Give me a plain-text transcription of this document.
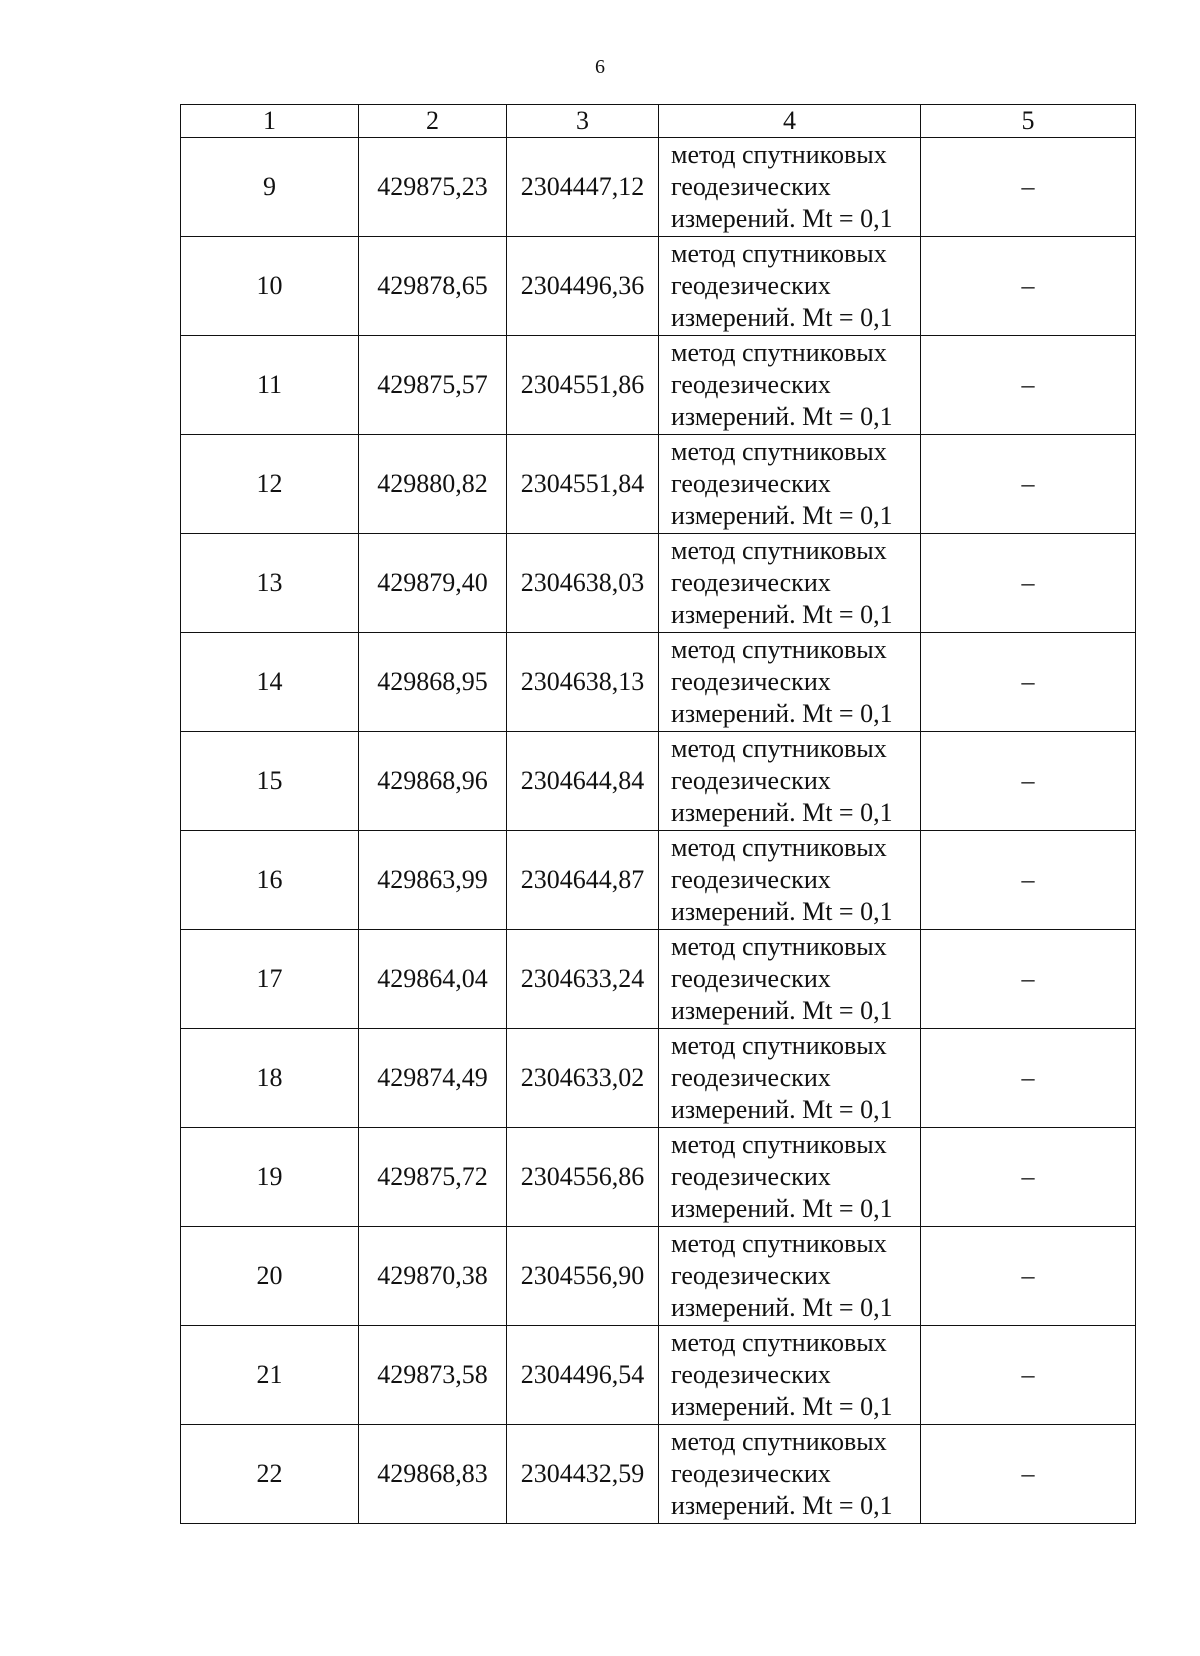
6
1	2	3	4	5
9	429875,23	2304447,12	метод спутниковых
геодезических
измерений. Mt = 0,1	–
10	429878,65	2304496,36	метод спутниковых
геодезических
измерений. Mt = 0,1	–
11	429875,57	2304551,86	метод спутниковых
геодезических
измерений. Mt = 0,1	–
12	429880,82	2304551,84	метод спутниковых
геодезических
измерений. Mt = 0,1	–
13	429879,40	2304638,03	метод спутниковых
геодезических
измерений. Mt = 0,1	–
14	429868,95	2304638,13	метод спутниковых
геодезических
измерений. Mt = 0,1	–
15	429868,96	2304644,84	метод спутниковых
геодезических
измерений. Mt = 0,1	–
16	429863,99	2304644,87	метод спутниковых
геодезических
измерений. Mt = 0,1	–
17	429864,04	2304633,24	метод спутниковых
геодезических
измерений. Mt = 0,1	–
18	429874,49	2304633,02	метод спутниковых
геодезических
измерений. Mt = 0,1	–
19	429875,72	2304556,86	метод спутниковых
геодезических
измерений. Mt = 0,1	–
20	429870,38	2304556,90	метод спутниковых
геодезических
измерений. Mt = 0,1	–
21	429873,58	2304496,54	метод спутниковых
геодезических
измерений. Mt = 0,1	–
22	429868,83	2304432,59	метод спутниковых
геодезических
измерений. Mt = 0,1	–
